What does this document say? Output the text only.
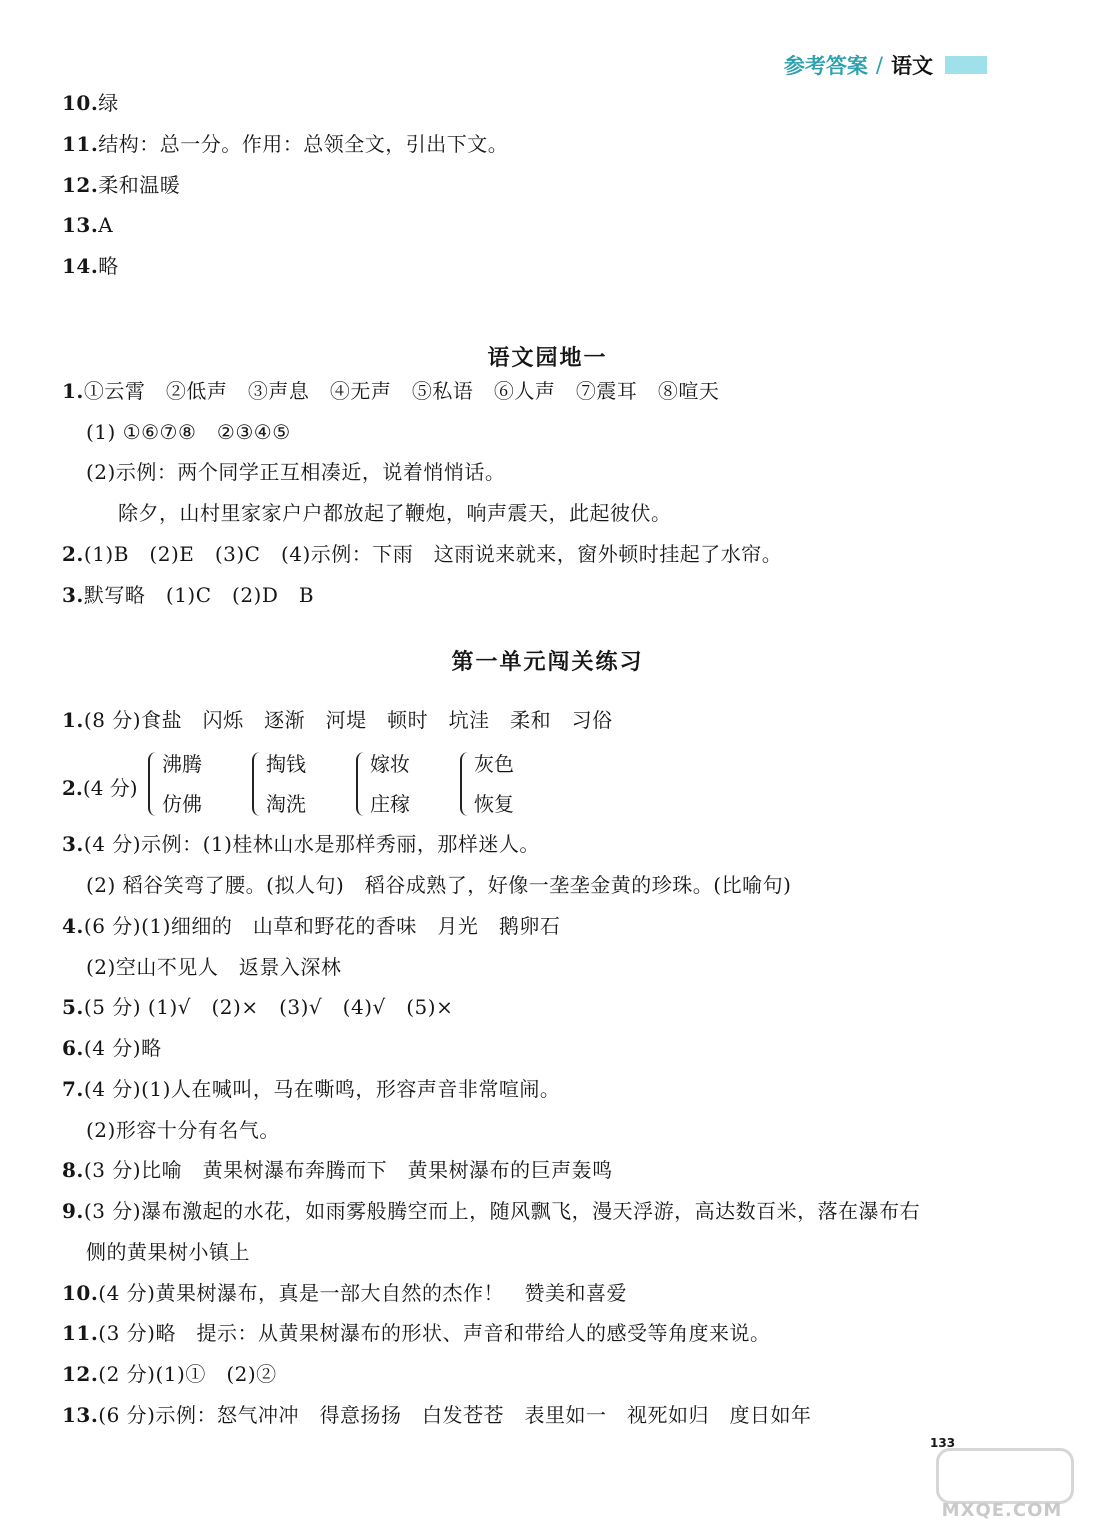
参考答案 / 语文
10.绿
11.结构：总一分。作用：总领全文，引出下文。
12.柔和温暖
13.A
14.略
语文园地一
1.①云霄　②低声　③声息　④无声　⑤私语　⑥人声　⑦震耳　⑧喧天
(1) ①⑥⑦⑧　②③④⑤
(2)示例：两个同学正互相凑近，说着悄悄话。
除夕，山村里家家户户都放起了鞭炮，响声震天，此起彼伏。
2.(1)B　(2)E　(3)C　(4)示例：下雨　这雨说来就来，窗外顿时挂起了水帘。
3.默写略　(1)C　(2)D　B
第一单元闯关练习
1.(8 分)食盐　闪烁　逐渐　河堤　顿时　坑洼　柔和　习俗
2.(4 分)
沸腾
仿佛
掏钱
淘洗
嫁妆
庄稼
灰色
恢复
3.(4 分)示例：(1)桂林山水是那样秀丽，那样迷人。
(2) 稻谷笑弯了腰。(拟人句)　稻谷成熟了，好像一垄垄金黄的珍珠。(比喻句)
4.(6 分)(1)细细的　山草和野花的香味　月光　鹅卵石
(2)空山不见人　返景入深林
5.(5 分) (1)√　(2)×　(3)√　(4)√　(5)×
6.(4 分)略
7.(4 分)(1)人在喊叫，马在嘶鸣，形容声音非常喧闹。
(2)形容十分有名气。
8.(3 分)比喻　黄果树瀑布奔腾而下　黄果树瀑布的巨声轰鸣
9.(3 分)瀑布激起的水花，如雨雾般腾空而上，随风飘飞，漫天浮游，高达数百米，落在瀑布右
侧的黄果树小镇上
10.(4 分)黄果树瀑布，真是一部大自然的杰作！　赞美和喜爱
11.(3 分)略　提示：从黄果树瀑布的形状、声音和带给人的感受等角度来说。
12.(2 分)(1)①　(2)②
13.(6 分)示例：怒气冲冲　得意扬扬　白发苍苍　表里如一　视死如归　度日如年
133
MXQE.COM
